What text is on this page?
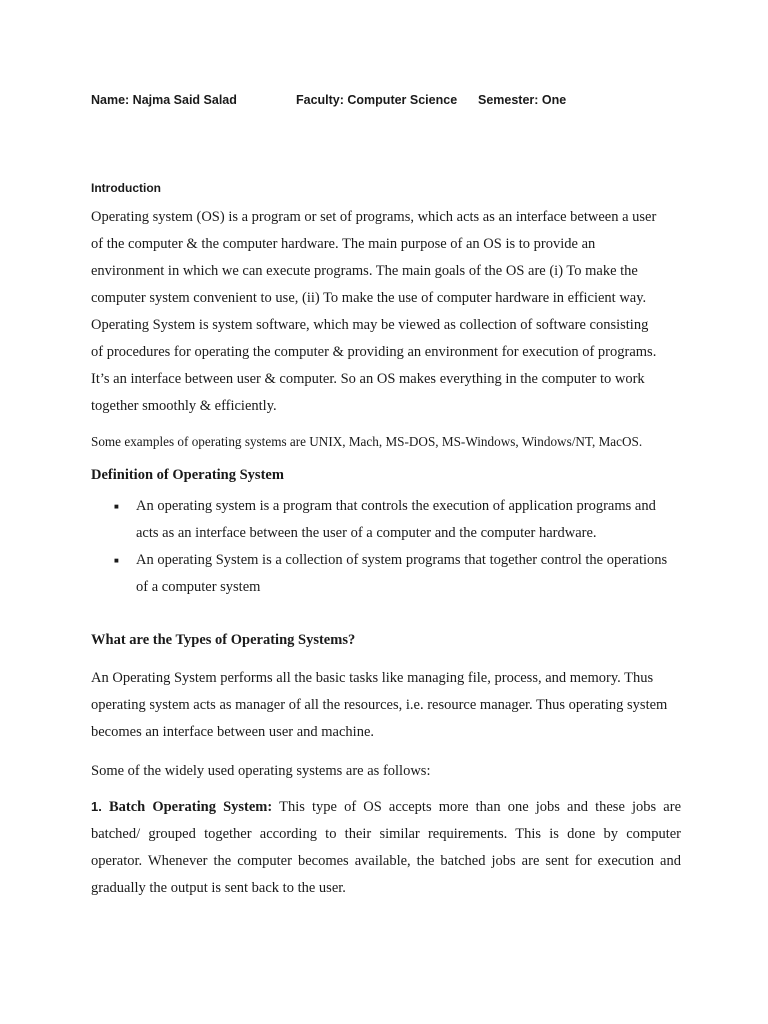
Name: Najma Said Salad	Faculty: Computer Science Semester: One
Introduction
Operating system (OS) is a program or set of programs, which acts as an interface between a user
of the computer & the computer hardware. The main purpose of an OS is to provide an
environment in which we can execute programs. The main goals of the OS are (i) To make the
computer system convenient to use, (ii) To make the use of computer hardware in efficient way.
Operating System is system software, which may be viewed as collection of software consisting
of procedures for operating the computer & providing an environment for execution of programs.
It’s an interface between user & computer. So an OS makes everything in the computer to work
together smoothly & efficiently.
Some examples of operating systems are UNIX, Mach, MS-DOS, MS-Windows, Windows/NT, MacOS.
Definition of Operating System
■ An operating system is a program that controls the execution of application programs and
acts as an interface between the user of a computer and the computer hardware.
■ An operating System is a collection of system programs that together control the operations
of a computer system
What are the Types of Operating Systems?
An Operating System performs all the basic tasks like managing file, process, and memory. Thus
operating system acts as manager of all the resources, i.e. resource manager. Thus operating system
becomes an interface between user and machine.
Some of the widely used operating systems are as follows:
1. Batch Operating System: This type of OS accepts more than one jobs and these jobs are
batched/ grouped together according to their similar requirements. This is done by computer
operator. Whenever the computer becomes available, the batched jobs are sent for execution and
gradually the output is sent back to the user.
